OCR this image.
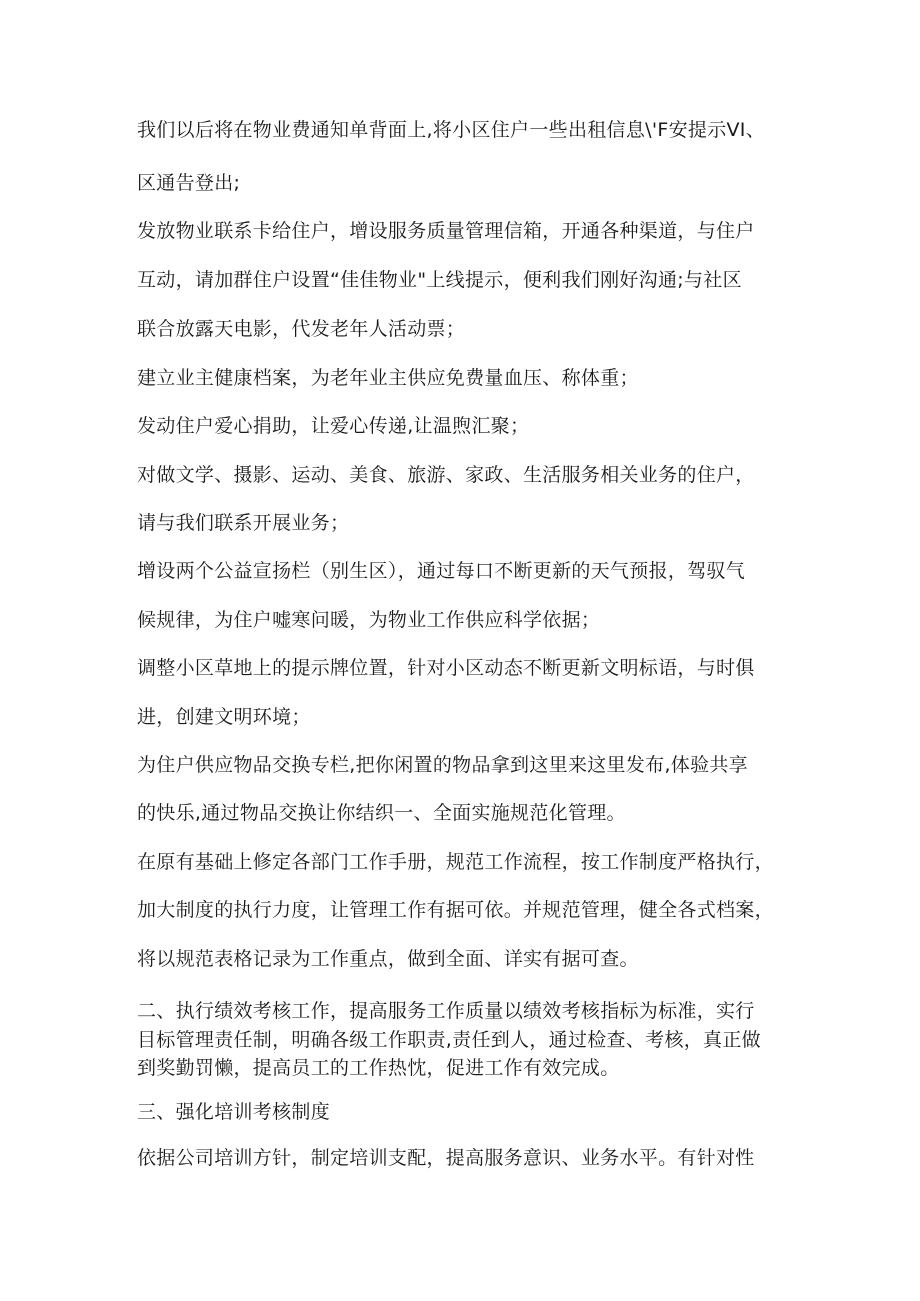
我们以后将在物业费通知单背面上,将小区住户一些出租信息\'F安提示VI、
区通告登出;
发放物业联系卡给住户，增设服务质量管理信箱，开通各种渠道，与住户
互动，请加群住户设置“佳佳物业"上线提示，便利我们刚好沟通;与社区
联合放露天电影，代发老年人活动票；
建立业主健康档案，为老年业主供应免费量血压、称体重；
发动住户爱心捐助，让爱心传递,让温煦汇聚；
对做文学、摄影、运动、美食、旅游、家政、生活服务相关业务的住户，
请与我们联系开展业务；
增设两个公益宣扬栏（别生区），通过每口不断更新的天气预报，驾驭气
候规律，为住户嘘寒问暖，为物业工作供应科学依据；
调整小区草地上的提示牌位置，针对小区动态不断更新文明标语，与时俱
进，创建文明环境；
为住户供应物品交换专栏,把你闲置的物品拿到这里来这里发布,体验共享
的快乐,通过物品交换让你结织一、全面实施规范化管理。
在原有基础上修定各部门工作手册，规范工作流程，按工作制度严格执行，
加大制度的执行力度，让管理工作有据可依。并规范管理，健全各式档案，
将以规范表格记录为工作重点，做到全面、详实有据可查。
二、执行绩效考核工作，提高服务工作质量以绩效考核指标为标准，实行
目标管理责任制，明确各级工作职责,责任到人，通过检查、考核，真正做
到奖勤罚懒，提高员工的工作热忱，促进工作有效完成。
三、强化培训考核制度
依据公司培训方针，制定培训支配，提高服务意识、业务水平。有针对性
